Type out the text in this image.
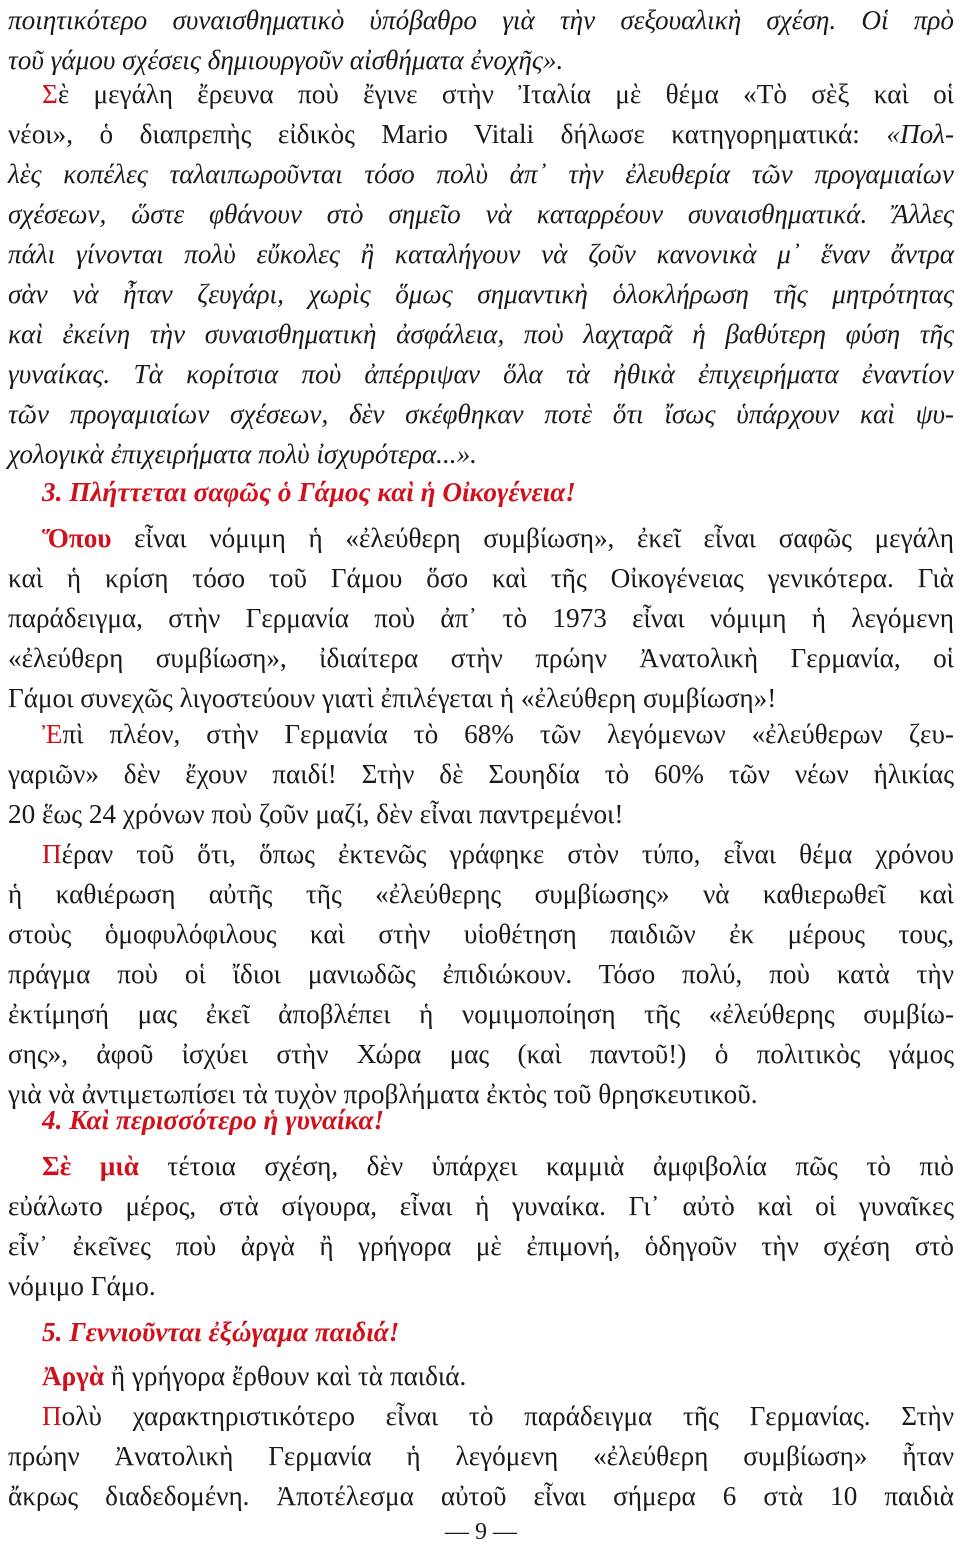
ποιητικότερο συναισθηματικὸ ὑπόβαθρο γιὰ τὴν σεξουαλικὴ σχέση. Οἱ πρὸ
τοῦ γάμου σχέσεις δημιουργοῦν αἰσθήματα ἐνοχῆς».
Σὲ μεγάλη ἔρευνα ποὺ ἔγινε στὴν Ἰταλία μὲ θέμα «Τὸ σὲξ καὶ οἱ
νέοι», ὁ διαπρεπὴς εἰδικὸς Mario Vitali δήλωσε κατηγορηματικά: «Πολ-
λὲς κοπέλες ταλαιπωροῦνται τόσο πολὺ ἀπ᾽ τὴν ἐλευθερία τῶν προγαμιαίων
σχέσεων, ὥστε φθάνουν στὸ σημεῖο νὰ καταρρέουν συναισθηματικά. Ἄλλες
πάλι γίνονται πολὺ εὔκολες ἢ καταλήγουν νὰ ζοῦν κανονικὰ μ᾽ ἕναν ἄντρα
σὰν νὰ ἦταν ζευγάρι, χωρὶς ὅμως σημαντικὴ ὁλοκλήρωση τῆς μητρότητας
καὶ ἐκείνη τὴν συναισθηματικὴ ἀσφάλεια, ποὺ λαχταρᾶ ἡ βαθύτερη φύση τῆς
γυναίκας. Τὰ κορίτσια ποὺ ἀπέρριψαν ὅλα τὰ ἠθικὰ ἐπιχειρήματα ἐναντίον
τῶν προγαμιαίων σχέσεων, δὲν σκέφθηκαν ποτὲ ὅτι ἴσως ὑπάρχουν καὶ ψυ-
χολογικὰ ἐπιχειρήματα πολὺ ἰσχυρότερα...».
3. Πλήττεται σαφῶς ὁ Γάμος καὶ ἡ Οἰκογένεια!
Ὅπου εἶναι νόμιμη ἡ «ἐλεύθερη συμβίωση», ἐκεῖ εἶναι σαφῶς μεγάλη
καὶ ἡ κρίση τόσο τοῦ Γάμου ὅσο καὶ τῆς Οἰκογένειας γενικότερα. Γιὰ
παράδειγμα, στὴν Γερμανία ποὺ ἀπ᾽ τὸ 1973 εἶναι νόμιμη ἡ λεγόμενη
«ἐλεύθερη συμβίωση», ἰδιαίτερα στὴν πρώην Ἀνατολικὴ Γερμανία, οἱ
Γάμοι συνεχῶς λιγοστεύουν γιατὶ ἐπιλέγεται ἡ «ἐλεύθερη συμβίωση»!
Ἐπὶ πλέον, στὴν Γερμανία τὸ 68% τῶν λεγόμενων «ἐλεύθερων ζευ-
γαριῶν» δὲν ἔχουν παιδί! Στὴν δὲ Σουηδία τὸ 60% τῶν νέων ἡλικίας
20 ἕως 24 χρόνων ποὺ ζοῦν μαζί, δὲν εἶναι παντρεμένοι!
Πέραν τοῦ ὅτι, ὅπως ἐκτενῶς γράφηκε στὸν τύπο, εἶναι θέμα χρόνου
ἡ καθιέρωση αὐτῆς τῆς «ἐλεύθερης συμβίωσης» νὰ καθιερωθεῖ καὶ
στοὺς ὁμοφυλόφιλους καὶ στὴν υἱοθέτηση παιδιῶν ἐκ μέρους τους,
πράγμα ποὺ οἱ ἴδιοι μανιωδῶς ἐπιδιώκουν. Τόσο πολύ, ποὺ κατὰ τὴν
ἐκτίμησή μας ἐκεῖ ἀποβλέπει ἡ νομιμοποίηση τῆς «ἐλεύθερης συμβίω-
σης», ἀφοῦ ἰσχύει στὴν Χώρα μας (καὶ παντοῦ!) ὁ πολιτικὸς γάμος
γιὰ νὰ ἀντιμετωπίσει τὰ τυχὸν προβλήματα ἐκτὸς τοῦ θρησκευτικοῦ.
4. Καὶ περισσότερο ἡ γυναίκα!
Σὲ μιὰ τέτοια σχέση, δὲν ὑπάρχει καμμιὰ ἀμφιβολία πῶς τὸ πιὸ
εὐάλωτο μέρος, στὰ σίγουρα, εἶναι ἡ γυναίκα. Γι᾽ αὐτὸ καὶ οἱ γυναῖκες
εἶν᾽ ἐκεῖνες ποὺ ἀργὰ ἢ γρήγορα μὲ ἐπιμονή, ὁδηγοῦν τὴν σχέση στὸ
νόμιμο Γάμο.
5. Γεννιοῦνται ἐξώγαμα παιδιά!
Ἀργὰ ἢ γρήγορα ἔρθουν καὶ τὰ παιδιά.
Πολὺ χαρακτηριστικότερο εἶναι τὸ παράδειγμα τῆς Γερμανίας. Στὴν
πρώην Ἀνατολικὴ Γερμανία ἡ λεγόμενη «ἐλεύθερη συμβίωση» ἦταν
ἄκρως διαδεδομένη. Ἀποτέλεσμα αὐτοῦ εἶναι σήμερα 6 στὰ 10 παιδιὰ
— 9 —
